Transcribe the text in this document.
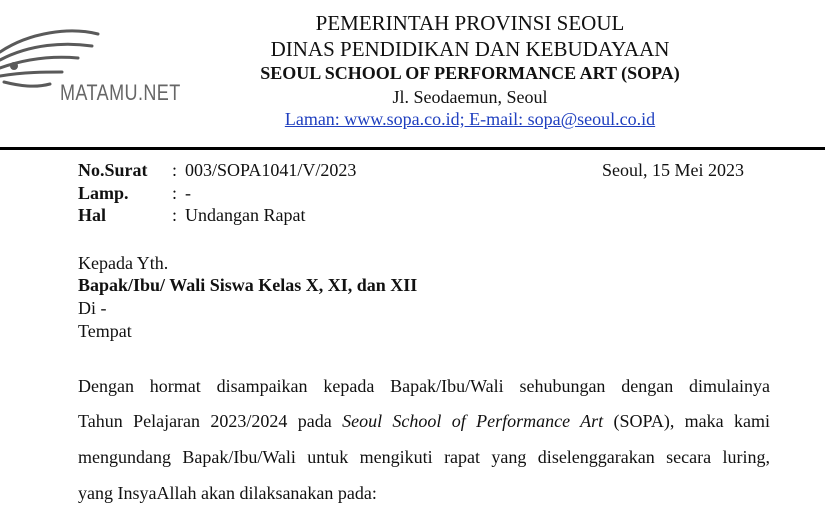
MATAMU.NET
PEMERINTAH PROVINSI SEOUL
DINAS PENDIDIKAN DAN KEBUDAYAAN
SEOUL SCHOOL OF PERFORMANCE ART (SOPA)
Jl. Seodaemun, Seoul
Laman: www.sopa.co.id; E-mail: sopa@seoul.co.id
No.Surat : 003/SOPA1041/V/2023
Lamp. : -
Hal	: Undangan Rapat
Seoul, 15 Mei 2023
Kepada Yth.
Bapak/Ibu/ Wali Siswa Kelas X, XI, dan XII
Di -
Tempat
Dengan hormat disampaikan kepada Bapak/Ibu/Wali sehubungan dengan dimulainya
Tahun Pelajaran 2023/2024 pada Seoul School of Performance Art (SOPA), maka kami
mengundang Bapak/Ibu/Wali untuk mengikuti rapat yang diselenggarakan secara luring,
yang InsyaAllah akan dilaksanakan pada:
